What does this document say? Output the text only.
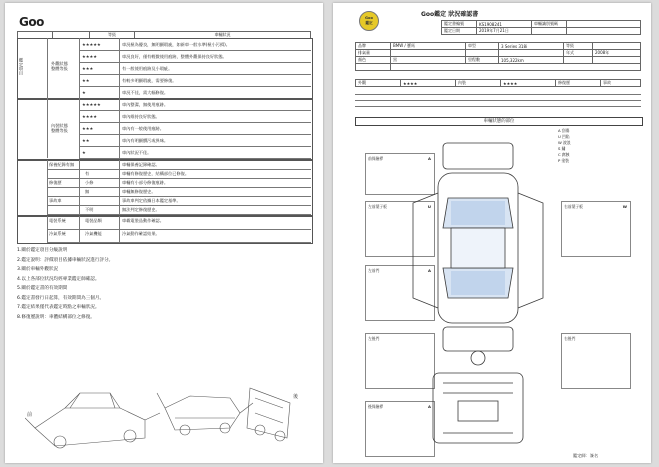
Goo
		等級	車輛狀況
鑑定項目	外觀狀態
整體等級
★★★★★	車況極為優良，無明顯瑕疵，如新車一般水準(極小污損)。
★★★★	車況良好，僅有輕微使用痕跡，整體外觀保持良好狀態。
★★★	有一般使用痕跡及小瑕疵。
★★	有較多明顯瑕疵，需要修復。
★	車況不佳，需大幅修復。
內裝狀態
整體等級
★★★★★	車內整潔，無使用痕跡。
★★★★	車內維持良好狀態。
★★★	車內有一般使用痕跡。
★★	車內有明顯髒污或異味。
★	車內狀況不佳。
保養紀錄有無	車輛保養記錄確認。
有	車輛有修復歷史，結構部位已修復。
修復歷	小修	車輛有小部分修復痕跡。
無	車輛無修復歷史。
事故車	事故車判定依據日本鑑定基準。
不明	無法判定修復歷史。
電裝系統	電裝品類	車載電裝品動作確認。
冷氣系統	冷氣機能	冷氣動作確認結果。
1.關於鑑定項目分級說明
2.鑑定說明：評價項目依據車輛狀況進行評分。
3.關於車輛外觀狀況
4.以上各部位狀況均經專業鑑定師確認。
5.關於鑑定書的有效期間
6.鑑定書發行日起算，有效期間為三個月。
7.鑑定結果僅代表鑑定時點之車輛狀況。
8.修復歷說明：車體結構部位之修復。
前
後
Goo
鑑定
Goo鑑定 狀況確認書
鑑定書編號	KS1908241	車輛識別號碼	
鑑定日期	2019年7月21日		
品牌	BMW / 寶馬	車型	3 Series 318i	等級	
排氣量				年式	2008年
顏色	黑	里程數	105,322km		

外觀	★★★★	內裝	★★★★	修復歷	事故
車輛狀態的部位
A 刮傷
U 凹陷
W 波浪
S 鏽
C 腐蝕
P 塗裝
前保險桿	A
左前葉子板	U
左前門	A
左後門
後保險桿	A
右前葉子板	W
右後門
鑑定師：簽名
